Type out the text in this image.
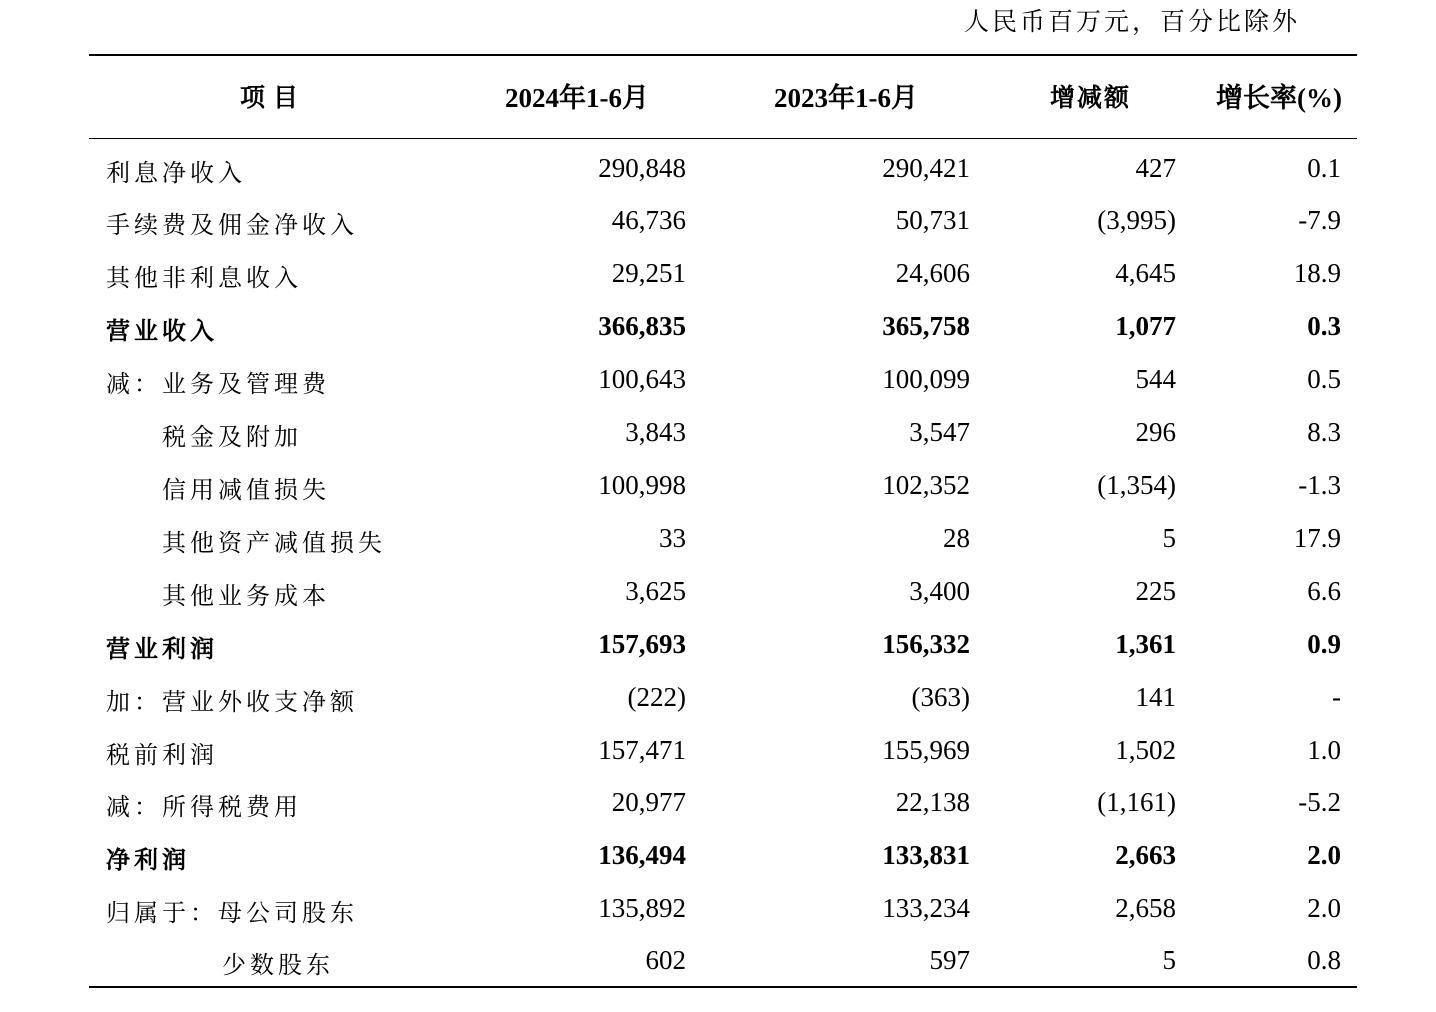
人民币百万元，百分比除外
项目	2024年1-6月	2023年1-6月	增减额	增长率(%)
利息净收入	290,848	290,421	427	0.1
手续费及佣金净收入	46,736	50,731	(3,995)	-7.9
其他非利息收入	29,251	24,606	4,645	18.9
营业收入	366,835	365,758	1,077	0.3
减：业务及管理费	100,643	100,099	544	0.5
税金及附加	3,843	3,547	296	8.3
信用减值损失	100,998	102,352	(1,354)	-1.3
其他资产减值损失	33	28	5	17.9
其他业务成本	3,625	3,400	225	6.6
营业利润	157,693	156,332	1,361	0.9
加：营业外收支净额	(222)	(363)	141	-
税前利润	157,471	155,969	1,502	1.0
减：所得税费用	20,977	22,138	(1,161)	-5.2
净利润	136,494	133,831	2,663	2.0
归属于：母公司股东	135,892	133,234	2,658	2.0
少数股东	602	597	5	0.8
